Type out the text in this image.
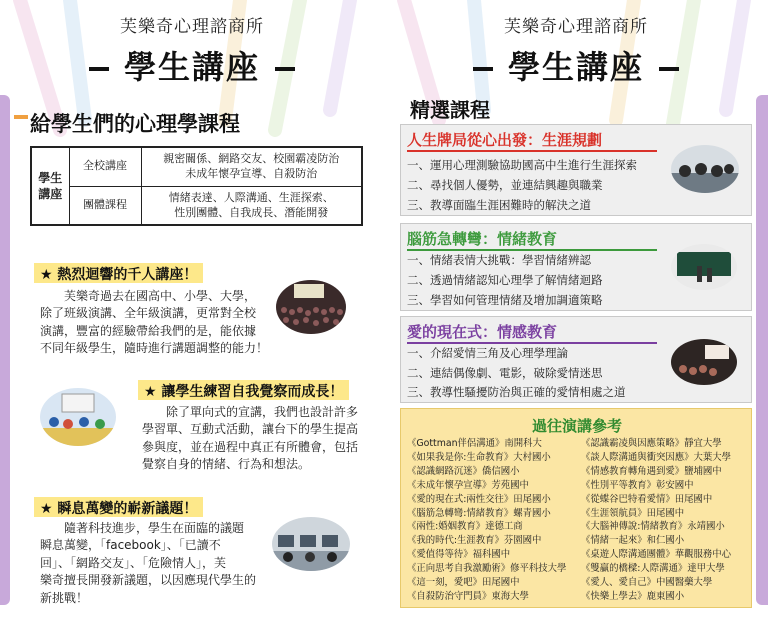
芙樂奇心理諮商所
學生講座
給學生們的心理學課程
學生講座	全校講座	親密關係、網路交友、校園霸凌防治
未成年懷孕宣導、自殺防治

	團體課程	情緒表達、人際溝通、生涯探索、
性別團體、自我成長、潛能開發
★ 熱烈迴響的千人講座！
　　芙樂奇過去在國高中、小學、大學，
除了班級演講、全年級演講，更常對全校
演講，豐富的經驗帶給我們的是，能依據
不同年級學生，隨時進行講題調整的能力！
★ 讓學生練習自我覺察而成長！
　　除了單向式的宣講，我們也設計許多
學習單、互動式活動，讓台下的學生提高
參與度，並在過程中真正有所體會，包括
覺察自身的情緒、行為和想法。
★ 瞬息萬變的嶄新議題！
　　隨著科技進步，學生在面臨的議題
瞬息萬變，「facebook」、「已讀不
回」、「網路交友」、「危險情人」，芙
樂奇擅長開發新議題，以因應現代學生的
新挑戰！
芙樂奇心理諮商所
學生講座
精選課程
人生牌局從心出發：生涯規劃
一、運用心理測驗協助國高中生進行生涯探索
二、尋找個人優勢，並連結興趣與職業
三、教導面臨生涯困難時的解決之道
腦筋急轉彎：情緒教育
一、情緒表情大挑戰：學習情緒辨認
二、透過情緒認知心理學了解情緒迴路
三、學習如何管理情緒及增加調適策略
愛的現在式：情感教育
一、介紹愛情三角及心理學理論
二、連結偶像劇、電影，破除愛情迷思
三、教導性騷擾防治與正確的愛情相處之道
過往演講參考
《Gottman伴侶溝通》南開科大
《如果我是你:生命教育》大村國小
《認識網路沉迷》僑信國小
《未成年懷孕宣導》芳苑國中
《愛的現在式:兩性交往》田尾國小
《腦筋急轉彎:情緒教育》螺青國小
《兩性:婚姻教育》達德工商
《我的時代:生涯教育》芬園國中
《愛值得等待》福科國中
《正向思考自我激勵術》修平科技大學
《這一刻，愛吧》田尾國中
《自殺防治守門員》東海大學
《認識霸凌與因應策略》靜宜大學
《談人際溝通與衝突因應》大葉大學
《情感教育轉角遇到愛》鹽埔國中
《性別平等教育》彰安國中
《從蝶谷巴特看愛情》田尾國中
《生涯領航員》田尾國中
《大腦神傳說:情緒教育》永靖國小
《情緒一起來》和仁國小
《桌遊人際溝通團體》華觀服務中心
《雙贏的橋樑:人際溝通》達甲大學
《愛人、愛自己》中國醫藥大學
《快樂上學去》鹿東國小
